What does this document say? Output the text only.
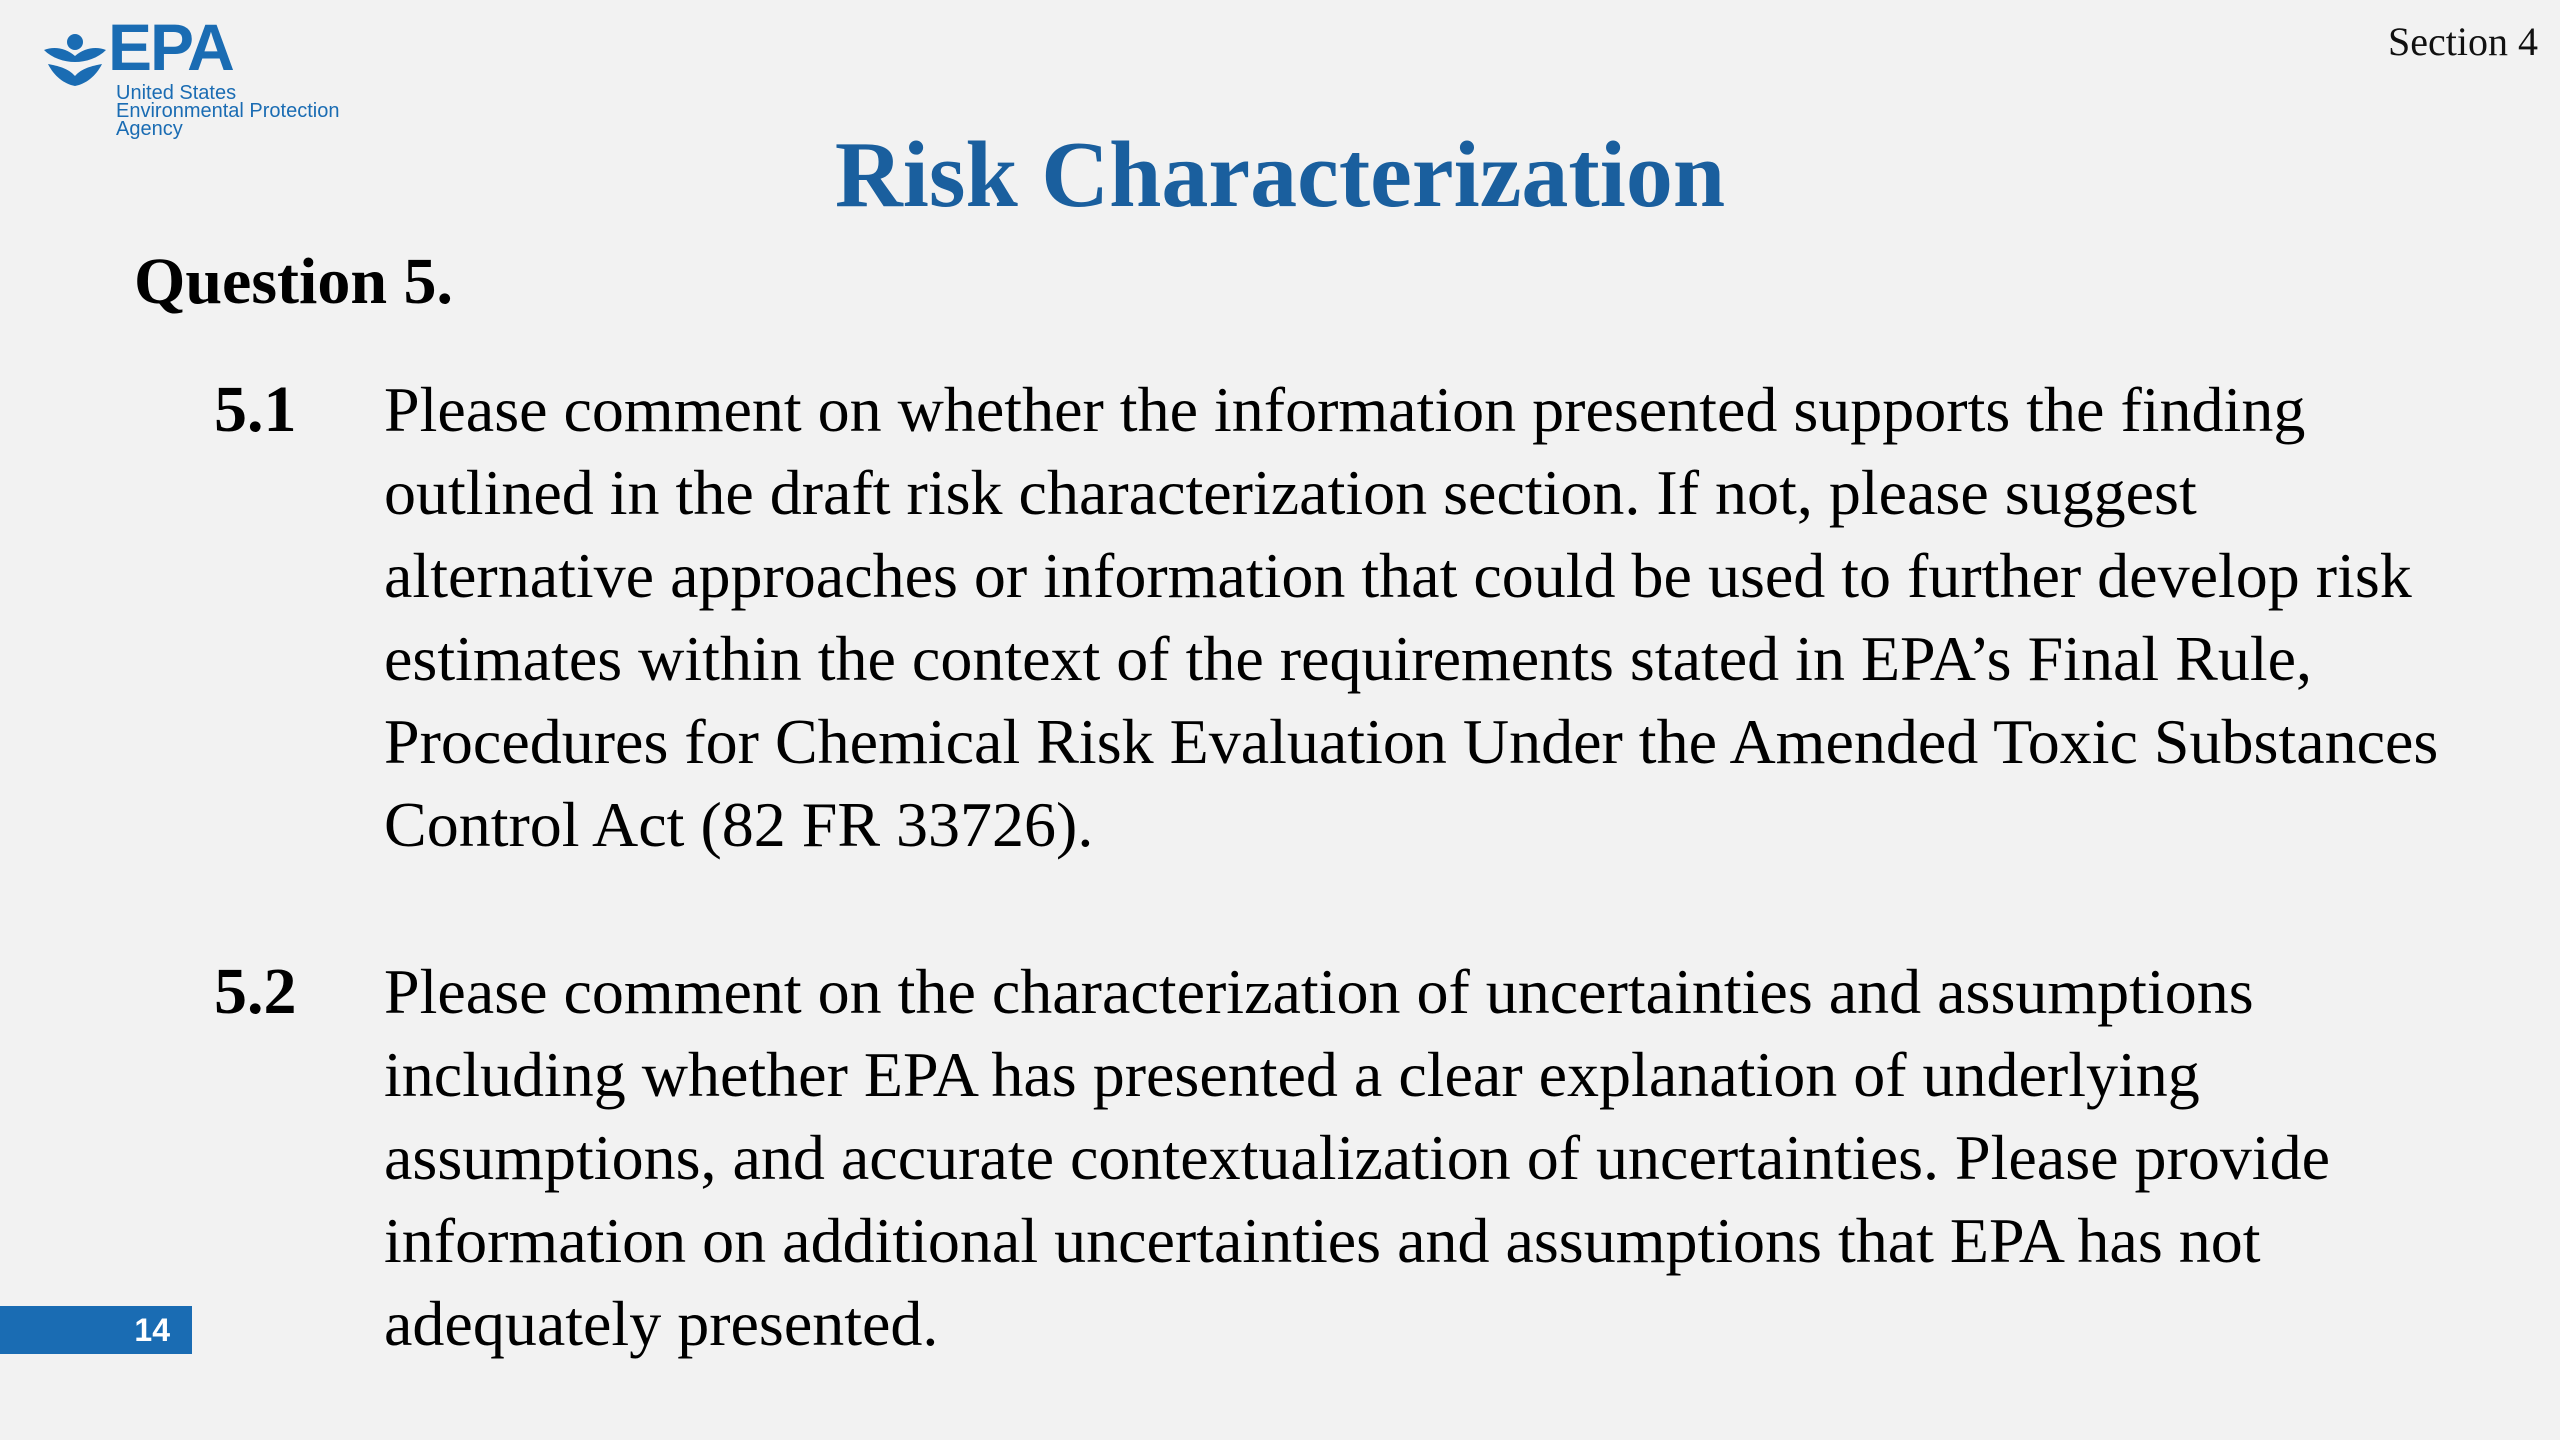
EPA
United States
Environmental Protection
Agency
Section 4
Risk Characterization
Question 5.
5.1 Please comment on whether the information presented supports the finding outlined in the draft risk characterization section. If not, please suggest alternative approaches or information that could be used to further develop risk estimates within the context of the requirements stated in EPA’s Final Rule, Procedures for Chemical Risk Evaluation Under the Amended Toxic Substances Control Act (82 FR 33726).

5.2 Please comment on the characterization of uncertainties and assumptions including whether EPA has presented a clear explanation of underlying assumptions, and accurate contextualization of uncertainties. Please provide information on additional uncertainties and assumptions that EPA has not adequately presented.

14
